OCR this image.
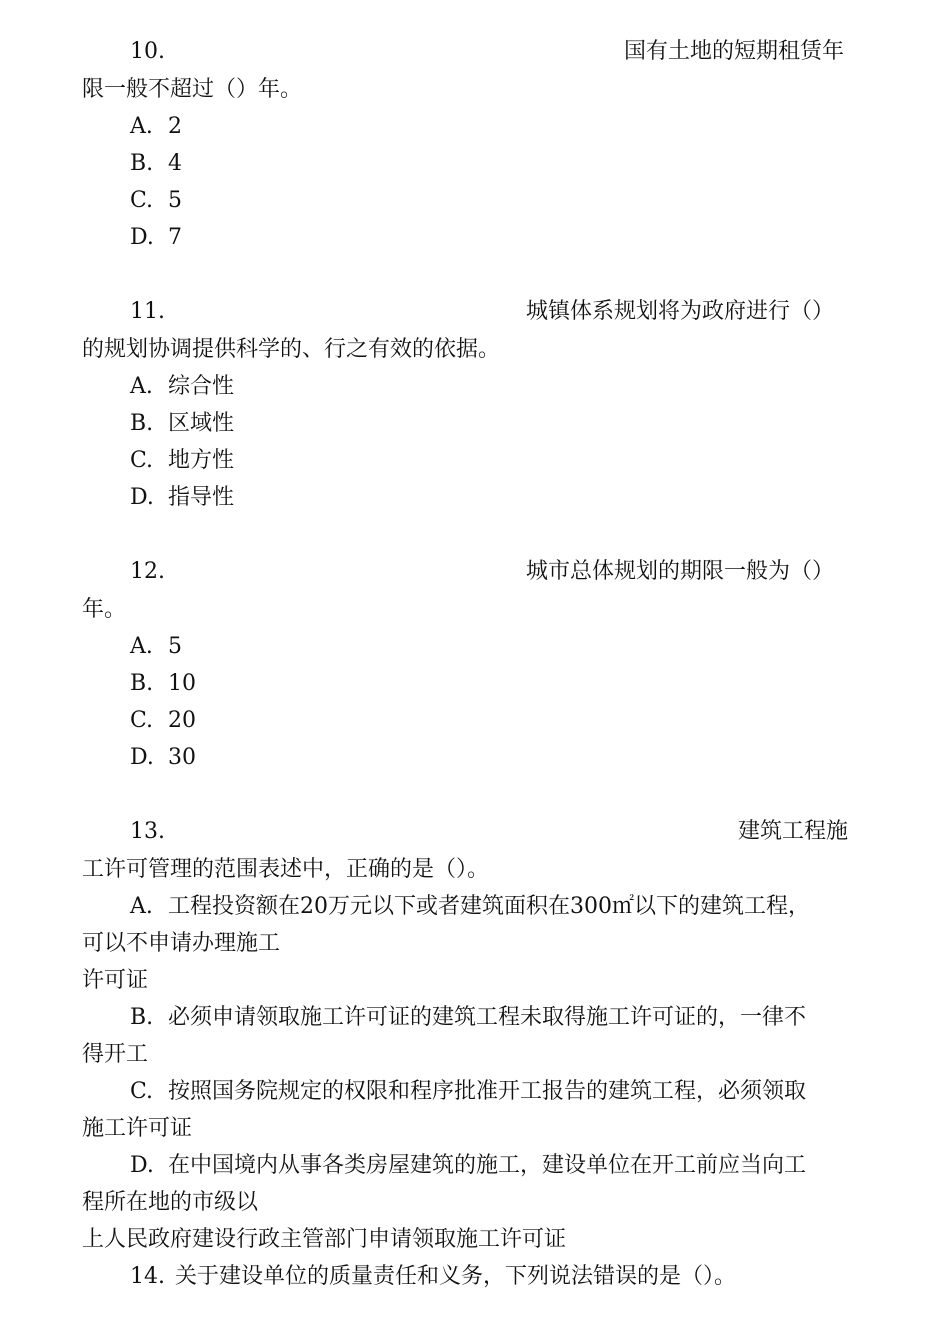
10.	国有土地的短期租赁年
限一般不超过（）年。
A. 2
B. 4
C. 5
D. 7
11.	城镇体系规划将为政府进行（）
的规划协调提供科学的、行之有效的依据。
A. 综合性
B. 区域性
C. 地方性
D. 指导性
12.	城市总体规划的期限一般为（）
年。
A. 5
B. 10
C. 20
D. 30
13.	建筑工程施
工许可管理的范围表述中，正确的是（）。
A. 工程投资额在20万元以下或者建筑面积在300㎡以下的建筑工程，
可以不申请办理施工
许可证
B. 必须申请领取施工许可证的建筑工程未取得施工许可证的，一律不
得开工
C. 按照国务院规定的权限和程序批准开工报告的建筑工程，必须领取
施工许可证
D. 在中国境内从事各类房屋建筑的施工，建设单位在开工前应当向工
程所在地的市级以
上人民政府建设行政主管部门申请领取施工许可证
14. 关于建设单位的质量责任和义务，下列说法错误的是（）。
